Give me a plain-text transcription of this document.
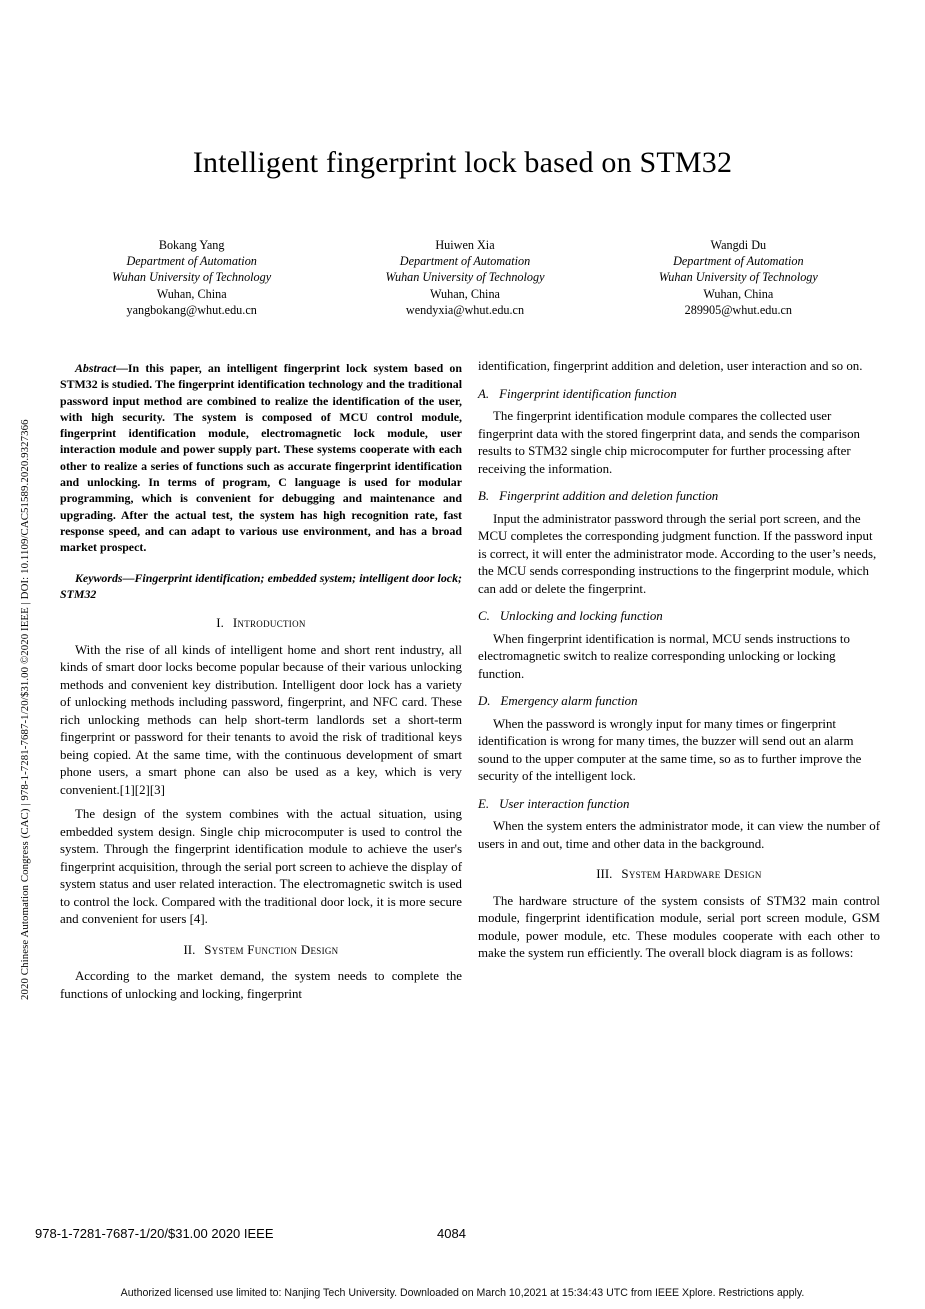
Intelligent fingerprint lock based on STM32
Bokang Yang
Department of Automation
Wuhan University of Technology
Wuhan, China
yangbokang@whut.edu.cn
Huiwen Xia
Department of Automation
Wuhan University of Technology
Wuhan, China
wendyxia@whut.edu.cn
Wangdi Du
Department of Automation
Wuhan University of Technology
Wuhan, China
289905@whut.edu.cn
2020 Chinese Automation Congress (CAC) | 978-1-7281-7687-1/20/$31.00 ©2020 IEEE | DOI: 10.1109/CAC51589.2020.9327366

Abstract—In this paper, an intelligent fingerprint lock system based on STM32 is studied. The fingerprint identification technology and the traditional password input method are combined to realize the identification of the user, with high security. The system is composed of MCU control module, fingerprint identification module, electromagnetic lock module, user interaction module and power supply part. These systems cooperate with each other to realize a series of functions such as accurate fingerprint identification and unlocking. In terms of program, C language is used for modular programming, which is convenient for debugging and maintenance and upgrading. After the actual test, the system has high recognition rate, fast response speed, and can adapt to various use environment, and has a broad market prospect.

Keywords—Fingerprint identification; embedded system; intelligent door lock; STM32

I. Introduction

With the rise of all kinds of intelligent home and short rent industry, all kinds of smart door locks become popular because of their various unlocking methods and convenient key distribution. Intelligent door lock has a variety of unlocking methods including password, fingerprint, and NFC card. These rich unlocking methods can help short-term landlords set a short-term fingerprint or password for their tenants to avoid the risk of traditional keys being copied. At the same time, with the continuous development of smart phone users, a smart phone can also be used as a key, which is very convenient.[1][2][3]

The design of the system combines with the actual situation, using embedded system design. Single chip microcomputer is used to control the system. Through the fingerprint identification module to achieve the user's fingerprint acquisition, through the serial port screen to achieve the display of system status and user related interaction. The electromagnetic switch is used to control the lock. Compared with the traditional door lock, it is more secure and convenient for users [4].

II. System Function Design

According to the market demand, the system needs to complete the functions of unlocking and locking, fingerprint

identification, fingerprint addition and deletion, user interaction and so on.

A. Fingerprint identification function

The fingerprint identification module compares the collected user fingerprint data with the stored fingerprint data, and sends the comparison results to STM32 single chip microcomputer for further processing after receiving the information.

B. Fingerprint addition and deletion function

Input the administrator password through the serial port screen, and the MCU completes the corresponding judgment function. If the password input is correct, it will enter the administrator mode. According to the user’s needs, the MCU sends corresponding instructions to the fingerprint module, which can add or delete the fingerprint.

C. Unlocking and locking function

When fingerprint identification is normal, MCU sends instructions to electromagnetic switch to realize corresponding unlocking or locking function.

D. Emergency alarm function

When the password is wrongly input for many times or fingerprint identification is wrong for many times, the buzzer will send out an alarm sound to the upper computer at the same time, so as to further improve the security of the intelligent lock.

E. User interaction function

When the system enters the administrator mode, it can view the number of users in and out, time and other data in the background.

III. System Hardware Design

The hardware structure of the system consists of STM32 main control module, fingerprint identification module, serial port screen module, GSM module, power module, etc. These modules cooperate with each other to make the system run efficiently. The overall block diagram is as follows:

978-1-7281-7687-1/20/$31.00 2020 IEEE	4084
Authorized licensed use limited to: Nanjing Tech University. Downloaded on March 10,2021 at 15:34:43 UTC from IEEE Xplore. Restrictions apply.
